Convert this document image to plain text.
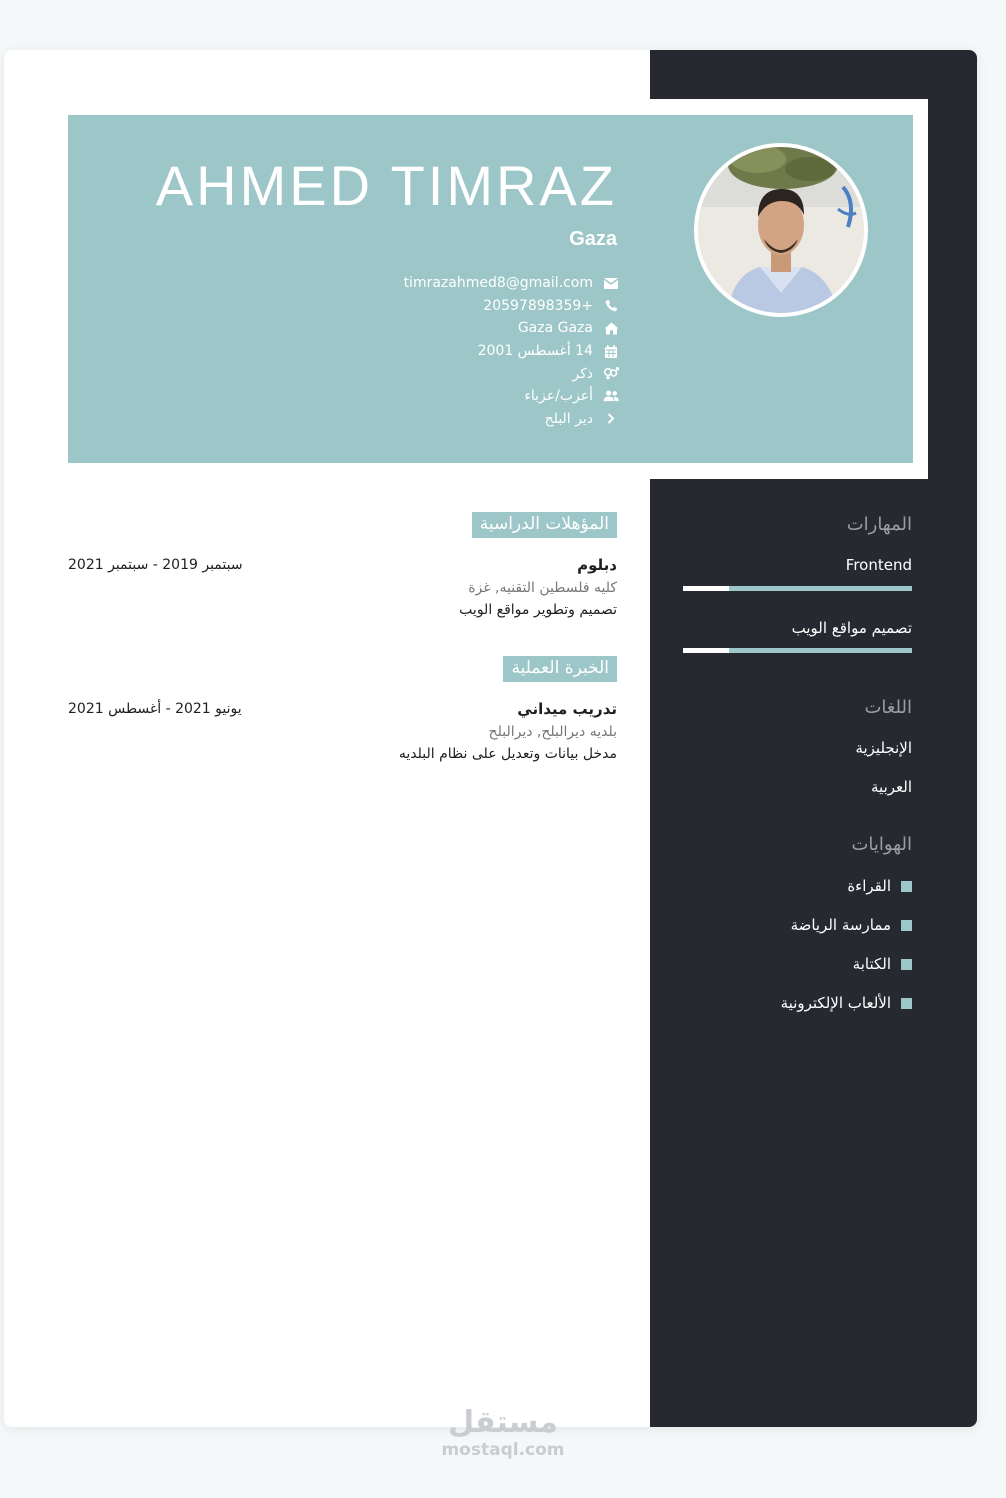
AHMED TIMRAZ
Gaza
timrazahmed8@gmail.com
20597898359+
Gaza Gaza
14 أغسطس 2001
ذكر
أعزب/عزباء
دير البلح
المؤهلات الدراسية
دبلوم
سبتمبر 2019 - سبتمبر 2021
كليه فلسطين التقنيه, غزة
تصميم وتطوير مواقع الويب
الخبرة العملية
تدريب ميداني
يونيو 2021 - أغسطس 2021
بلديه ديرالبلح, ديرالبلح
مدخل بيانات وتعديل على نظام البلديه
المهارات
Frontend
تصميم مواقع الويب
اللغات
الإنجليزية
العربية
الهوايات
القراءة
ممارسة الرياضة
الكتابة
الألعاب الإلكترونية
مستقل
mostaql.com
